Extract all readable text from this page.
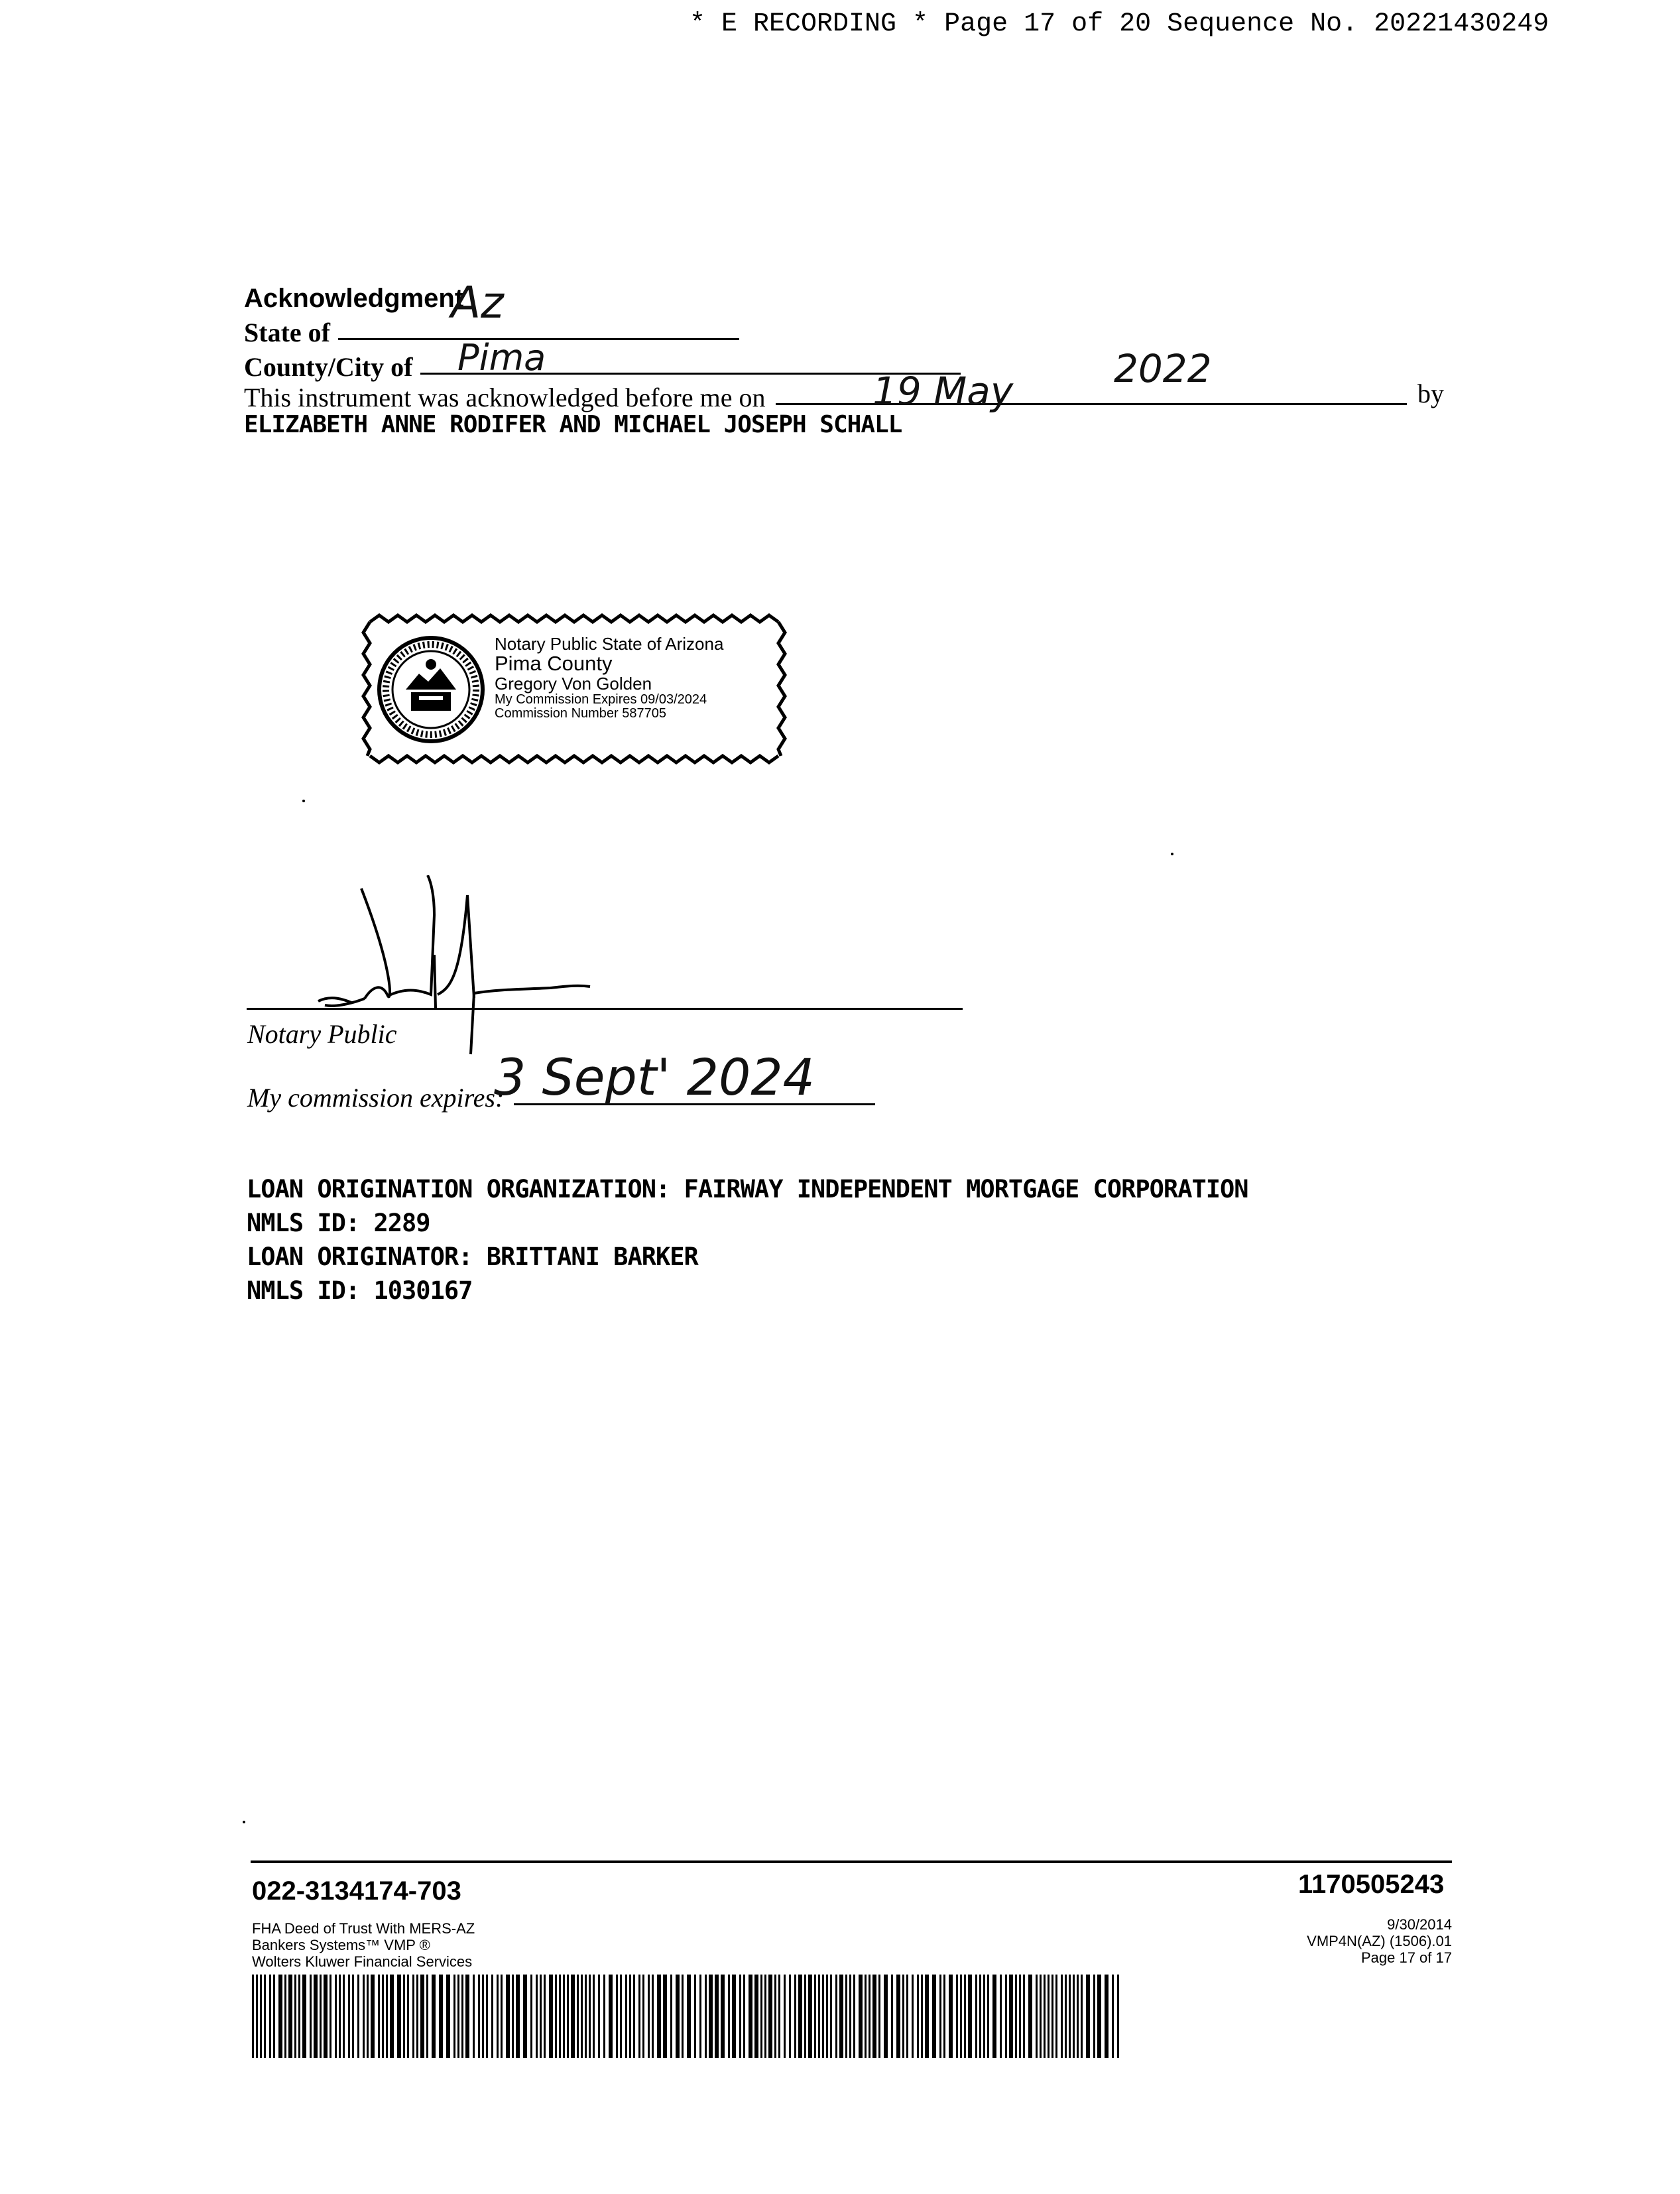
* E RECORDING * Page 17 of 20 Sequence No. 20221430249
Acknowledgment
State of
Az
County/City of Pima
This instrument was acknowledged before me on	19 May	2022
by
ELIZABETH ANNE RODIFER AND MICHAEL JOSEPH SCHALL
Notary Public State of Arizona
Pima County
Gregory Von Golden
My Commission Expires 09/03/2024
Commission Number 587705
Notary Public
My commission expires:
3 Sept' 2024
LOAN ORIGINATION ORGANIZATION: FAIRWAY INDEPENDENT MORTGAGE CORPORATION
NMLS ID: 2289
LOAN ORIGINATOR: BRITTANI BARKER
NMLS ID: 1030167
022-3134174-703	1170505243
FHA Deed of Trust With MERS-AZ
Bankers Systems™ VMP ®
Wolters Kluwer Financial Services
9/30/2014
VMP4N(AZ) (1506).01
Page 17 of 17
